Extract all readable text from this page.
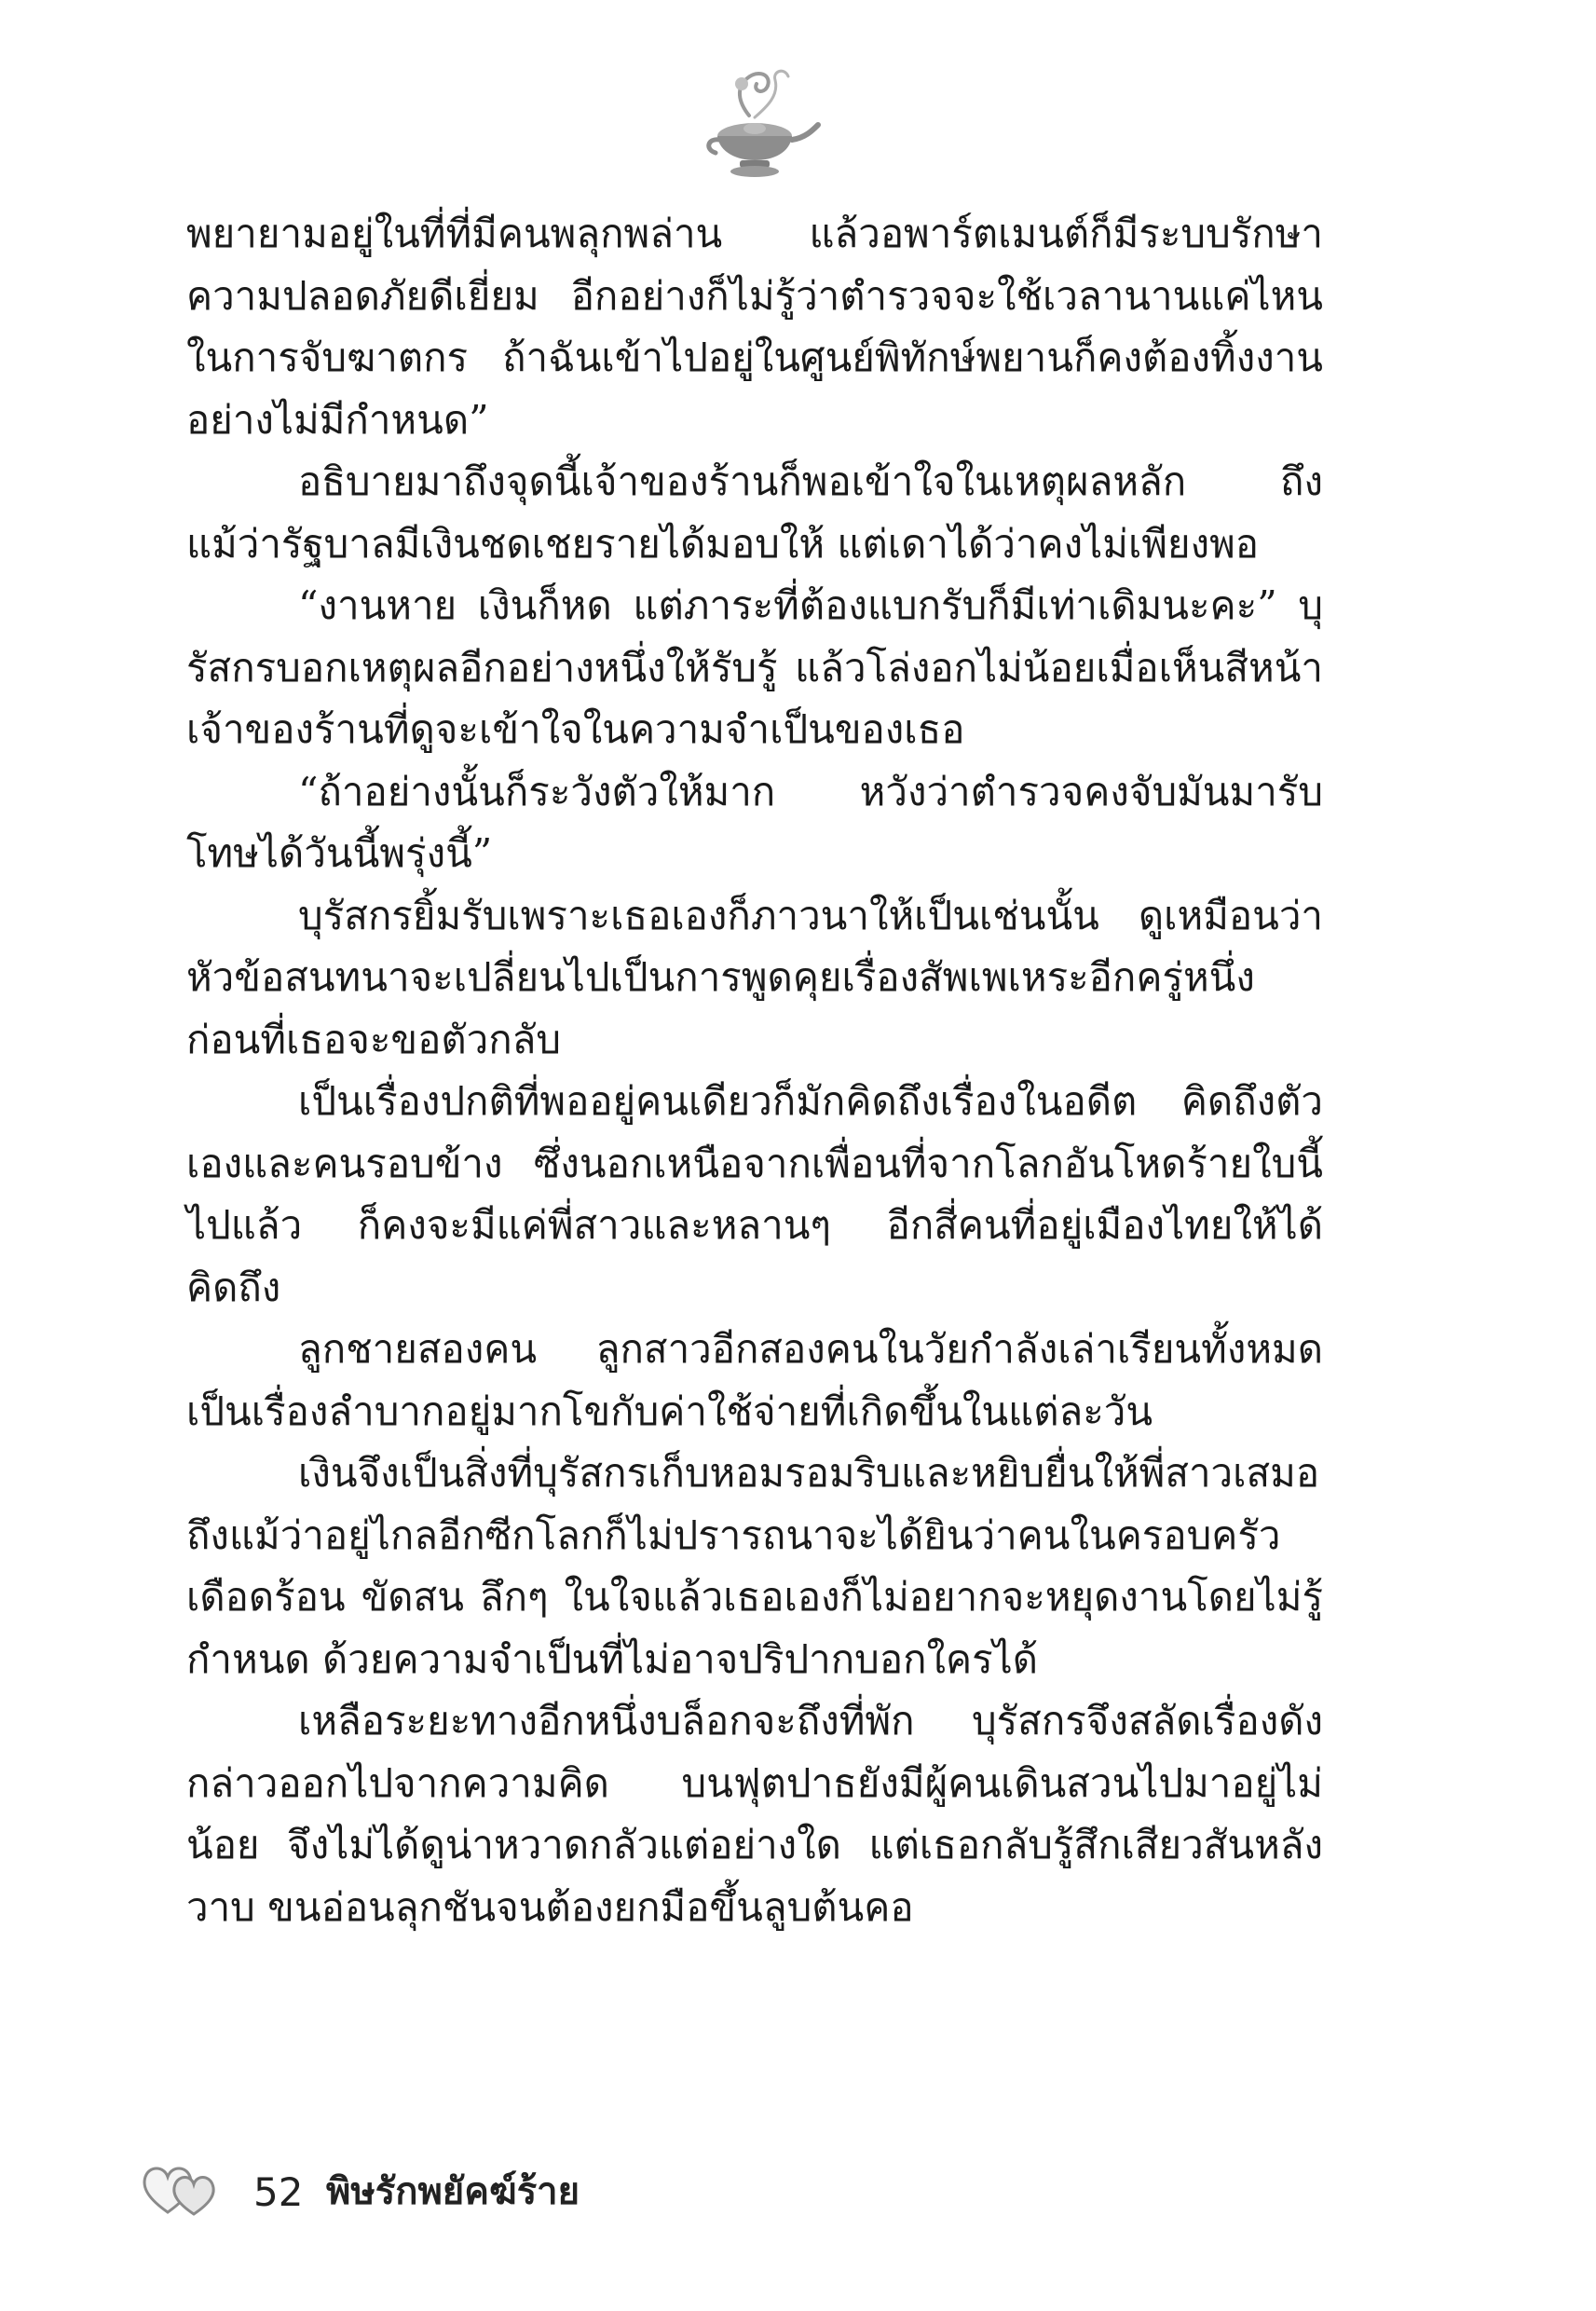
พยายามอยู่ในที่ที่มีคนพลุกพล่าน แล้วอพาร์ตเมนต์ก็มีระบบรักษาความปลอดภัยดีเยี่ยม อีกอย่างก็ไม่รู้ว่าตำรวจจะใช้เวลานานแค่ไหนในการจับฆาตกร ถ้าฉันเข้าไปอยู่ในศูนย์พิทักษ์พยานก็คงต้องทิ้งงานอย่างไม่มีกำหนด”

อธิบายมาถึงจุดนี้เจ้าของร้านก็พอเข้าใจในเหตุผลหลัก ถึงแม้ว่ารัฐบาลมีเงินชดเชยรายได้มอบให้ แต่เดาได้ว่าคงไม่เพียงพอ

“งานหาย เงินก็หด แต่ภาระที่ต้องแบกรับก็มีเท่าเดิมนะคะ” บุรัสกรบอกเหตุผลอีกอย่างหนึ่งให้รับรู้ แล้วโล่งอกไม่น้อยเมื่อเห็นสีหน้าเจ้าของร้านที่ดูจะเข้าใจในความจำเป็นของเธอ

“ถ้าอย่างนั้นก็ระวังตัวให้มาก หวังว่าตำรวจคงจับมันมารับโทษได้วันนี้พรุ่งนี้”

บุรัสกรยิ้มรับเพราะเธอเองก็ภาวนาให้เป็นเช่นนั้น ดูเหมือนว่าหัวข้อสนทนาจะเปลี่ยนไปเป็นการพูดคุยเรื่องสัพเพเหระอีกครู่หนึ่งก่อนที่เธอจะขอตัวกลับ

เป็นเรื่องปกติที่พออยู่คนเดียวก็มักคิดถึงเรื่องในอดีต คิดถึงตัวเองและคนรอบข้าง ซึ่งนอกเหนือจากเพื่อนที่จากโลกอันโหดร้ายใบนี้ไปแล้ว ก็คงจะมีแค่พี่สาวและหลานๆ อีกสี่คนที่อยู่เมืองไทยให้ได้คิดถึง

ลูกชายสองคน ลูกสาวอีกสองคนในวัยกำลังเล่าเรียนทั้งหมดเป็นเรื่องลำบากอยู่มากโขกับค่าใช้จ่ายที่เกิดขึ้นในแต่ละวัน

เงินจึงเป็นสิ่งที่บุรัสกรเก็บหอมรอมริบและหยิบยื่นให้พี่สาวเสมอถึงแม้ว่าอยู่ไกลอีกซีกโลกก็ไม่ปรารถนาจะได้ยินว่าคนในครอบครัวเดือดร้อน ขัดสน ลึกๆ ในใจแล้วเธอเองก็ไม่อยากจะหยุดงานโดยไม่รู้กำหนด ด้วยความจำเป็นที่ไม่อาจปริปากบอกใครได้

เหลือระยะทางอีกหนึ่งบล็อกจะถึงที่พัก บุรัสกรจึงสลัดเรื่องดังกล่าวออกไปจากความคิด บนฟุตปาธยังมีผู้คนเดินสวนไปมาอยู่ไม่น้อย จึงไม่ได้ดูน่าหวาดกลัวแต่อย่างใด แต่เธอกลับรู้สึกเสียวสันหลังวาบ ขนอ่อนลุกชันจนต้องยกมือขึ้นลูบต้นคอ

52 พิษรักพยัคฆ์ร้าย
